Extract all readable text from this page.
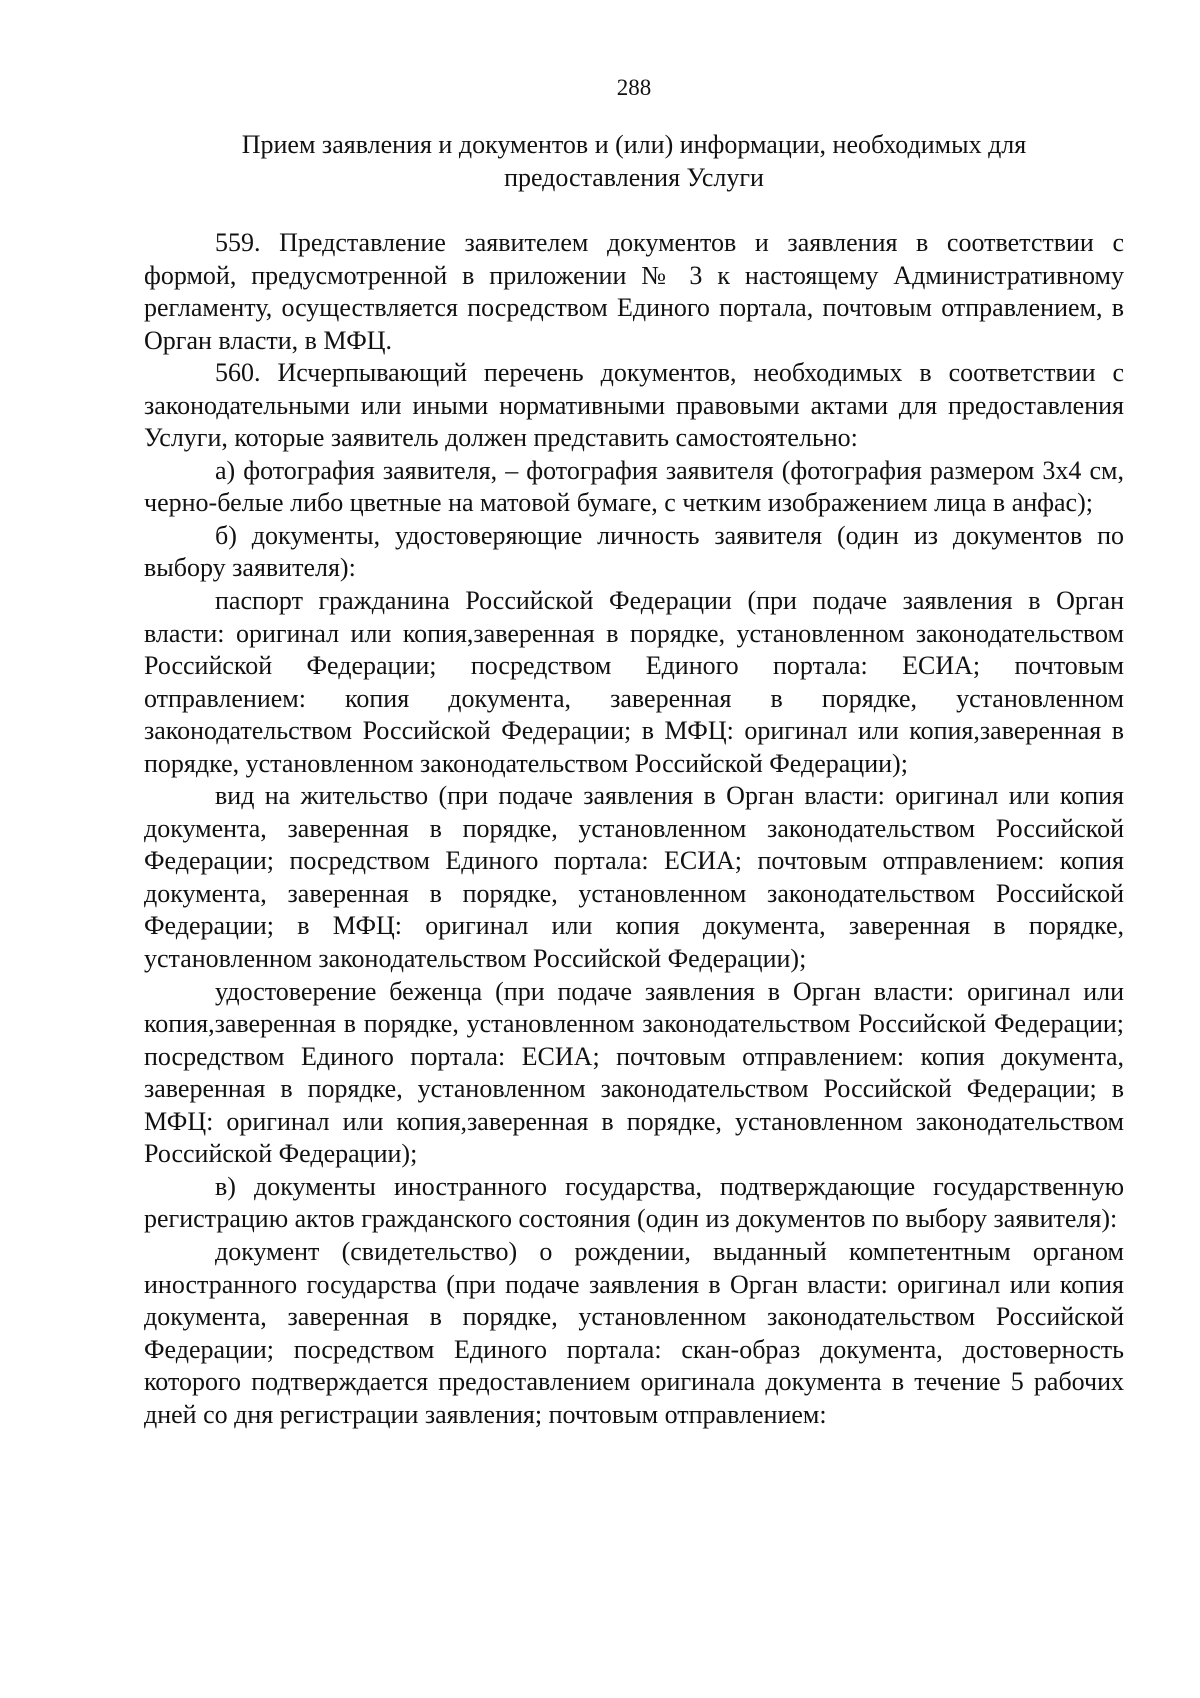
288
Прием заявления и документов и (или) информации, необходимых для
предоставления Услуги

559. Представление заявителем документов и заявления в соответствии с формой, предусмотренной в приложении № 3 к настоящему Административному регламенту, осуществляется посредством Единого портала, почтовым отправлением, в Орган власти, в МФЦ.

560. Исчерпывающий перечень документов, необходимых в соответствии с законодательными или иными нормативными правовыми актами для предоставления Услуги, которые заявитель должен представить самостоятельно:

а) фотография заявителя, – фотография заявителя (фотография размером 3х4 см, черно-белые либо цветные на матовой бумаге, с четким изображением лица в анфас);

б) документы, удостоверяющие личность заявителя (один из документов по выбору заявителя):

паспорт гражданина Российской Федерации (при подаче заявления в Орган власти: оригинал или копия,заверенная в порядке, установленном законодательством Российской Федерации; посредством Единого портала: ЕСИА; почтовым отправлением: копия документа, заверенная в порядке, установленном законодательством Российской Федерации; в МФЦ: оригинал или копия,заверенная в порядке, установленном законодательством Российской Федерации);

вид на жительство (при подаче заявления в Орган власти: оригинал или копия документа, заверенная в порядке, установленном законодательством Российской Федерации; посредством Единого портала: ЕСИА; почтовым отправлением: копия документа, заверенная в порядке, установленном законодательством Российской Федерации; в МФЦ: оригинал или копия документа, заверенная в порядке, установленном законодательством Российской Федерации);

удостоверение беженца (при подаче заявления в Орган власти: оригинал или копия,заверенная в порядке, установленном законодательством Российской Федерации; посредством Единого портала: ЕСИА; почтовым отправлением: копия документа, заверенная в порядке, установленном законодательством Российской Федерации; в МФЦ: оригинал или копия,заверенная в порядке, установленном законодательством Российской Федерации);

в) документы иностранного государства, подтверждающие государственную регистрацию актов гражданского состояния (один из документов по выбору заявителя):

документ (свидетельство) о рождении, выданный компетентным органом иностранного государства (при подаче заявления в Орган власти: оригинал или копия документа, заверенная в порядке, установленном законодательством Российской Федерации; посредством Единого портала: скан-образ документа, достоверность которого подтверждается предоставлением оригинала документа в течение 5 рабочих дней со дня регистрации заявления; почтовым отправлением:
